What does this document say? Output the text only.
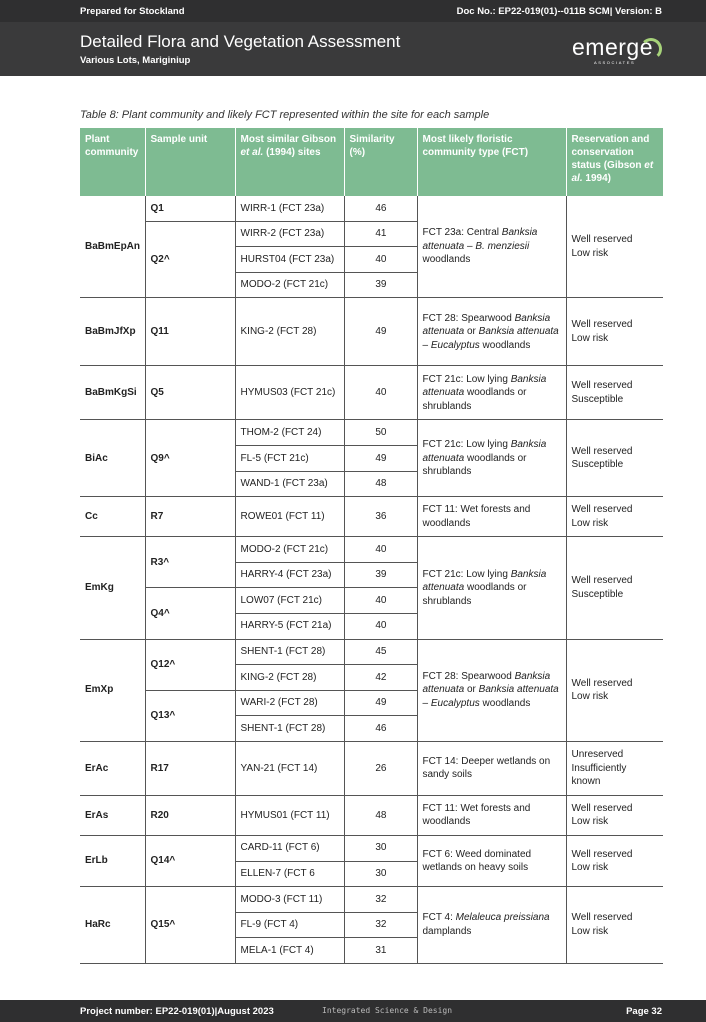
Prepared for Stockland	Doc No.: EP22-019(01)--011B SCM| Version: B
Detailed Flora and Vegetation Assessment
Various Lots, Mariginiup
emerge
ASSOCIATES
Table 8: Plant community and likely FCT represented within the site for each sample
Plant community	Sample unit	Most similar Gibson et al. (1994) sites	Similarity (%)	Most likely floristic community type (FCT)	Reservation and conservation status (Gibson et al. 1994)
BaBmEpAn	Q1	WIRR-1 (FCT 23a)	46	FCT 23a: Central Banksia attenuata – B. menziesii woodlands	Well reserved
Low risk
	Q2^	WIRR-2 (FCT 23a)	41		
		HURST04 (FCT 23a)	40		
		MODO-2 (FCT 21c)	39		
BaBmJfXp	Q11	KING-2 (FCT 28)	49	FCT 28: Spearwood Banksia attenuata or Banksia attenuata – Eucalyptus woodlands	Well reserved
Low risk
BaBmKgSi	Q5	HYMUS03 (FCT 21c)	40	FCT 21c: Low lying Banksia attenuata woodlands or shrublands	Well reserved
Susceptible
BiAc	Q9^	THOM-2 (FCT 24)	50	FCT 21c: Low lying Banksia attenuata woodlands or shrublands	Well reserved
Susceptible
		FL-5 (FCT 21c)	49		
		WAND-1 (FCT 23a)	48		
Cc	R7	ROWE01 (FCT 11)	36	FCT 11: Wet forests and woodlands	Well reserved
Low risk
EmKg	R3^	MODO-2 (FCT 21c)	40	FCT 21c: Low lying Banksia attenuata woodlands or shrublands	Well reserved
Susceptible
		HARRY-4 (FCT 23a)	39		
	Q4^	LOW07 (FCT 21c)	40		
		HARRY-5 (FCT 21a)	40		
EmXp	Q12^	SHENT-1 (FCT 28)	45	FCT 28: Spearwood Banksia attenuata or Banksia attenuata – Eucalyptus woodlands	Well reserved
Low risk
		KING-2 (FCT 28)	42		
	Q13^	WARI-2 (FCT 28)	49		
		SHENT-1 (FCT 28)	46		
ErAc	R17	YAN-21 (FCT 14)	26	FCT 14: Deeper wetlands on sandy soils	Unreserved
Insufficiently known
ErAs	R20	HYMUS01 (FCT 11)	48	FCT 11: Wet forests and woodlands	Well reserved
Low risk
ErLb	Q14^	CARD-11 (FCT 6)	30	FCT 6: Weed dominated wetlands on heavy soils	Well reserved
Low risk
		ELLEN-7 (FCT 6	30		
HaRc	Q15^	MODO-3 (FCT 11)	32	FCT 4: Melaleuca preissiana damplands	Well reserved
Low risk
		FL-9 (FCT 4)	32		
		MELA-1 (FCT 4)	31		
Project number: EP22-019(01)|August 2023	Integrated Science & Design	Page 32
